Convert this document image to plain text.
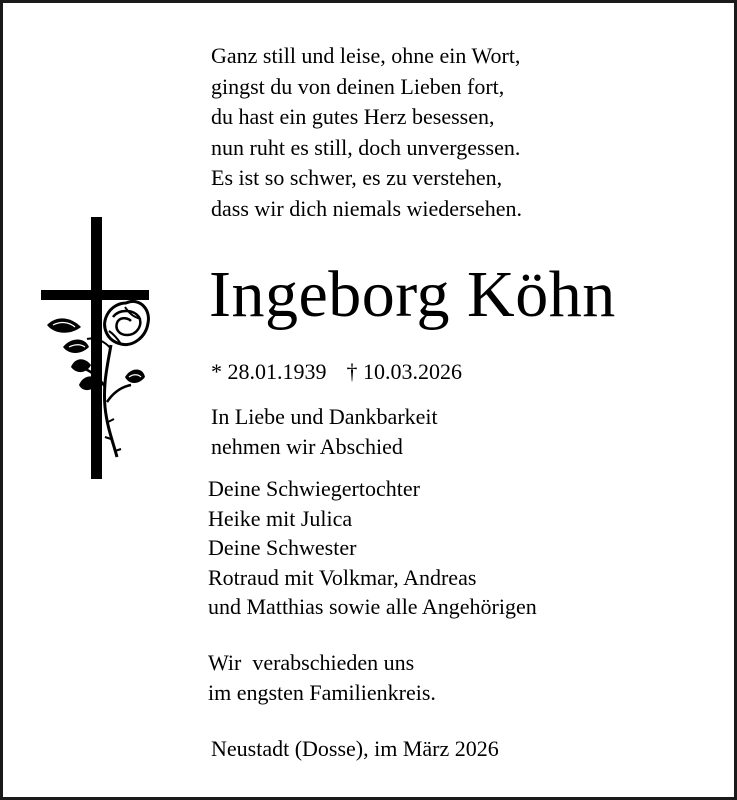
Ganz still und leise, ohne ein Wort,
gingst du von deinen Lieben fort,
du hast ein gutes Herz besessen,
nun ruht es still, doch unvergessen.
Es ist so schwer, es zu verstehen,
dass wir dich niemals wiedersehen.
Ingeborg Köhn
* 28.01.1939 † 10.03.2026
In Liebe und Dankbarkeit
nehmen wir Abschied
Deine Schwiegertochter
Heike mit Julica
Deine Schwester
Rotraud mit Volkmar, Andreas
und Matthias sowie alle Angehörigen
Wir  verabschieden uns
im engsten Familienkreis.
Neustadt (Dosse), im März 2026
